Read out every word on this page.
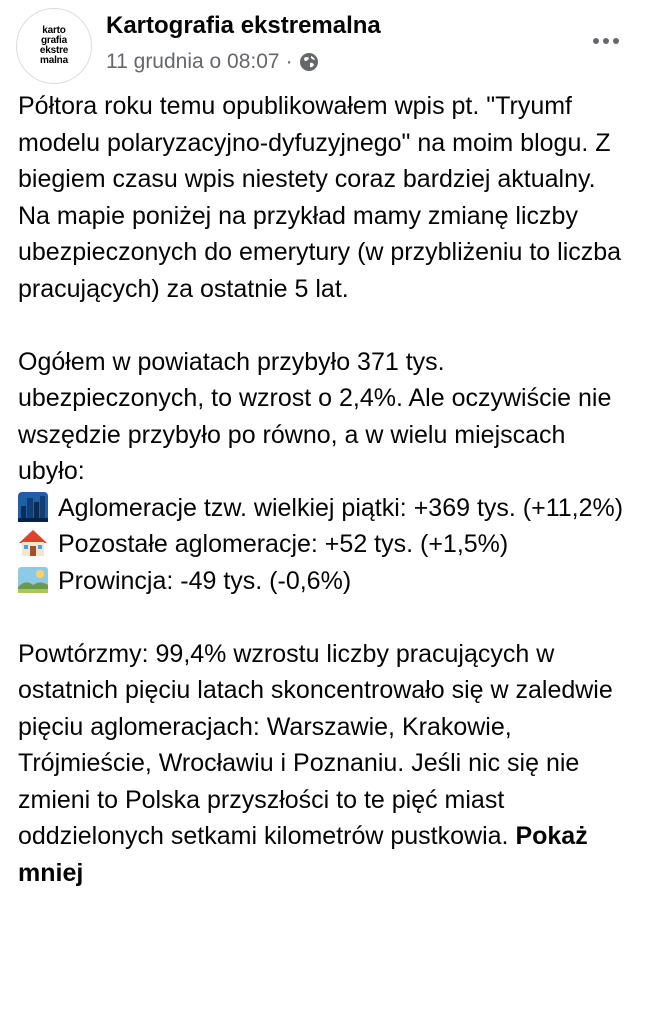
karto grafia ekstre malna
Kartografia ekstremalna
11 grudnia o 08:07 ·

Półtora roku temu opublikowałem wpis pt. "Tryumf modelu polaryzacyjno-dyfuzyjnego" na moim blogu. Z biegiem czasu wpis niestety coraz bardziej aktualny. Na mapie poniżej na przykład mamy zmianę liczby ubezpieczonych do emerytury (w przybliżeniu to liczba pracujących) za ostatnie 5 lat.

Ogółem w powiatach przybyło 371 tys. ubezpieczonych, to wzrost o 2,4%. Ale oczywiście nie wszędzie przybyło po równo, a w wielu miejscach ubyło:

Aglomeracje tzw. wielkiej piątki: +369 tys. (+11,2%)
Pozostałe aglomeracje: +52 tys. (+1,5%)
Prowincja: -49 tys. (-0,6%)

Powtórzmy: 99,4% wzrostu liczby pracujących w ostatnich pięciu latach skoncentrowało się w zaledwie pięciu aglomeracjach: Warszawie, Krakowie, Trójmieście, Wrocławiu i Poznaniu. Jeśli nic się nie zmieni to Polska przyszłości to te pięć miast oddzielonych setkami kilometrów pustkowia. Pokaż mniej
